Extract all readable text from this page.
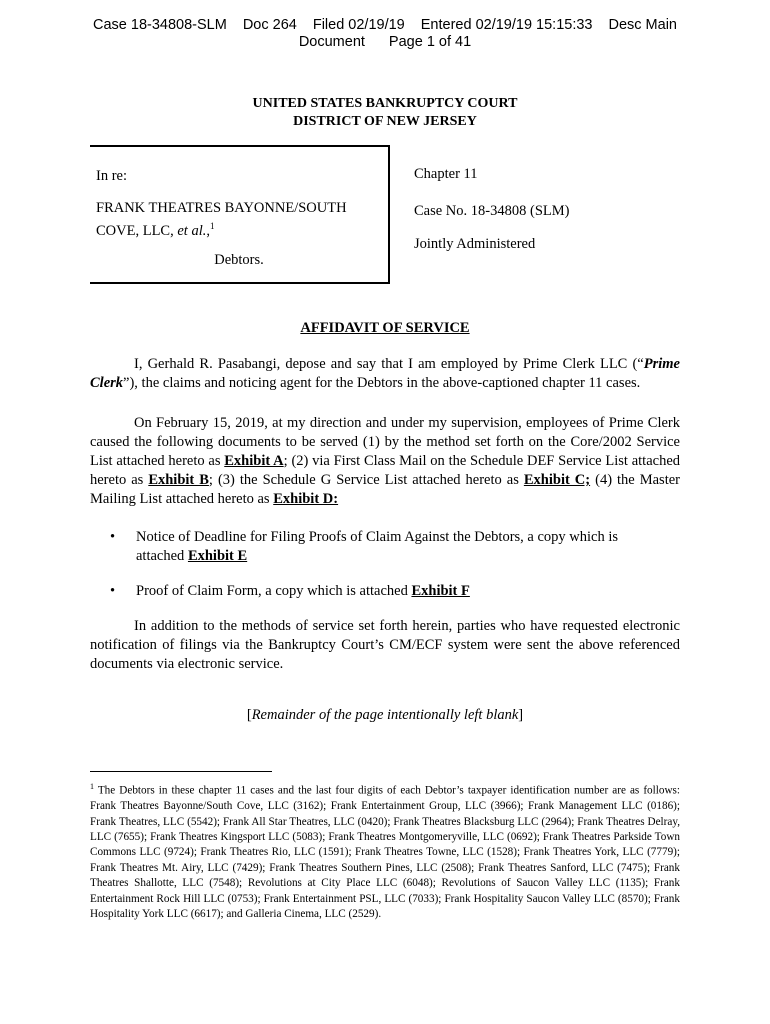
Case 18-34808-SLM Doc 264 Filed 02/19/19 Entered 02/19/19 15:15:33 Desc Main
Document Page 1 of 41
UNITED STATES BANKRUPTCY COURT
DISTRICT OF NEW JERSEY
In re:
FRANK THEATRES BAYONNE/SOUTH COVE, LLC, et al.,$^1$
Debtors.
Chapter 11
Case No. 18-34808 (SLM)
Jointly Administered
AFFIDAVIT OF SERVICE
I, Gerhald R. Pasabangi, depose and say that I am employed by Prime Clerk LLC (“Prime Clerk”), the claims and noticing agent for the Debtors in the above-captioned chapter 11 cases.
On February 15, 2019, at my direction and under my supervision, employees of Prime Clerk caused the following documents to be served (1) by the method set forth on the Core/2002 Service List attached hereto as Exhibit A; (2) via First Class Mail on the Schedule DEF Service List attached hereto as Exhibit B; (3) the Schedule G Service List attached hereto as Exhibit C; (4) the Master Mailing List attached hereto as Exhibit D:
• Notice of Deadline for Filing Proofs of Claim Against the Debtors, a copy which is attached Exhibit E
• Proof of Claim Form, a copy which is attached Exhibit F
In addition to the methods of service set forth herein, parties who have requested electronic notification of filings via the Bankruptcy Court’s CM/ECF system were sent the above referenced documents via electronic service.
[Remainder of the page intentionally left blank]
$^1$ The Debtors in these chapter 11 cases and the last four digits of each Debtor’s taxpayer identification number are as follows: Frank Theatres Bayonne/South Cove, LLC (3162); Frank Entertainment Group, LLC (3966); Frank Management LLC (0186); Frank Theatres, LLC (5542); Frank All Star Theatres, LLC (0420); Frank Theatres Blacksburg LLC (2964); Frank Theatres Delray, LLC (7655); Frank Theatres Kingsport LLC (5083); Frank Theatres Montgomeryville, LLC (0692); Frank Theatres Parkside Town Commons LLC (9724); Frank Theatres Rio, LLC (1591); Frank Theatres Towne, LLC (1528); Frank Theatres York, LLC (7779); Frank Theatres Mt. Airy, LLC (7429); Frank Theatres Southern Pines, LLC (2508); Frank Theatres Sanford, LLC (7475); Frank Theatres Shallotte, LLC (7548); Revolutions at City Place LLC (6048); Revolutions of Saucon Valley LLC (1135); Frank Entertainment Rock Hill LLC (0753); Frank Entertainment PSL, LLC (7033); Frank Hospitality Saucon Valley LLC (8570); Frank Hospitality York LLC (6617); and Galleria Cinema, LLC (2529).
